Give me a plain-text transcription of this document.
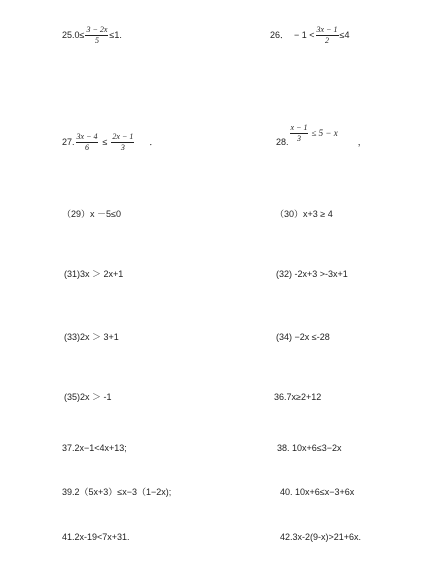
$25.0\le \frac{3 - 2x}{5} \le 1$.	26．  − $1 < \frac{3x - 1}{2} \le 4$
27. $\frac{3x - 4}{6} \le \frac{2x - 1}{3}$ ．	28. $\frac{x - 1}{3} \le 5 - x$，
（29）x －5≤0	（30）x+3 ≥ 4
(31)3x ＞ 2x+1	(32) -2x+3 >-3x+1
(33)2x ＞ 3+1	(34) −2x ≤-28
(35)2x ＞ -1	36.7x≥2+12
37.2x−1<4x+13;	38. 10x+6≤3−2x
39.2（5x+3）≤x−3（1−2x);	40. 10x+6≤x−3+6x
41.2x-19<7x+31.	42.3x-2(9-x)>21+6x.
